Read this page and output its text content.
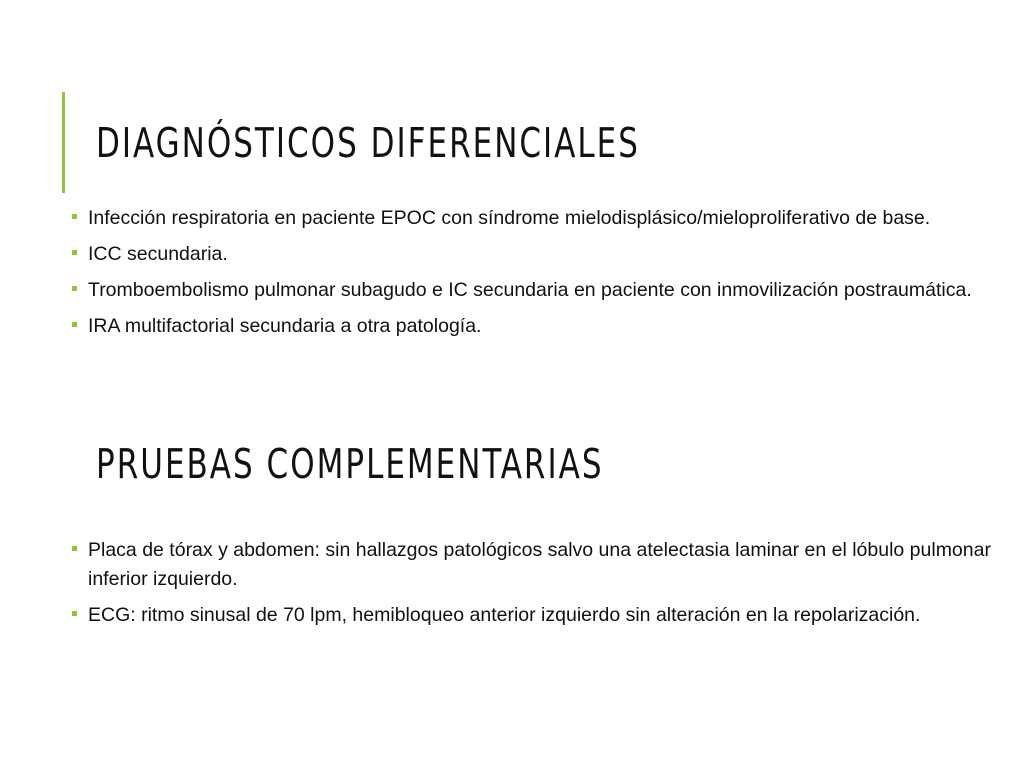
DIAGNÓSTICOS DIFERENCIALES
Infección respiratoria en paciente EPOC con síndrome mielodisplásico/mieloproliferativo de base.
ICC secundaria.
Tromboembolismo pulmonar subagudo e IC secundaria en paciente con inmovilización postraumática.
IRA multifactorial secundaria a otra patología.
PRUEBAS COMPLEMENTARIAS
Placa de tórax y abdomen: sin hallazgos patológicos salvo una atelectasia laminar en el lóbulo pulmonar inferior izquierdo.
ECG: ritmo sinusal de 70 lpm, hemibloqueo anterior izquierdo sin alteración en la repolarización.
